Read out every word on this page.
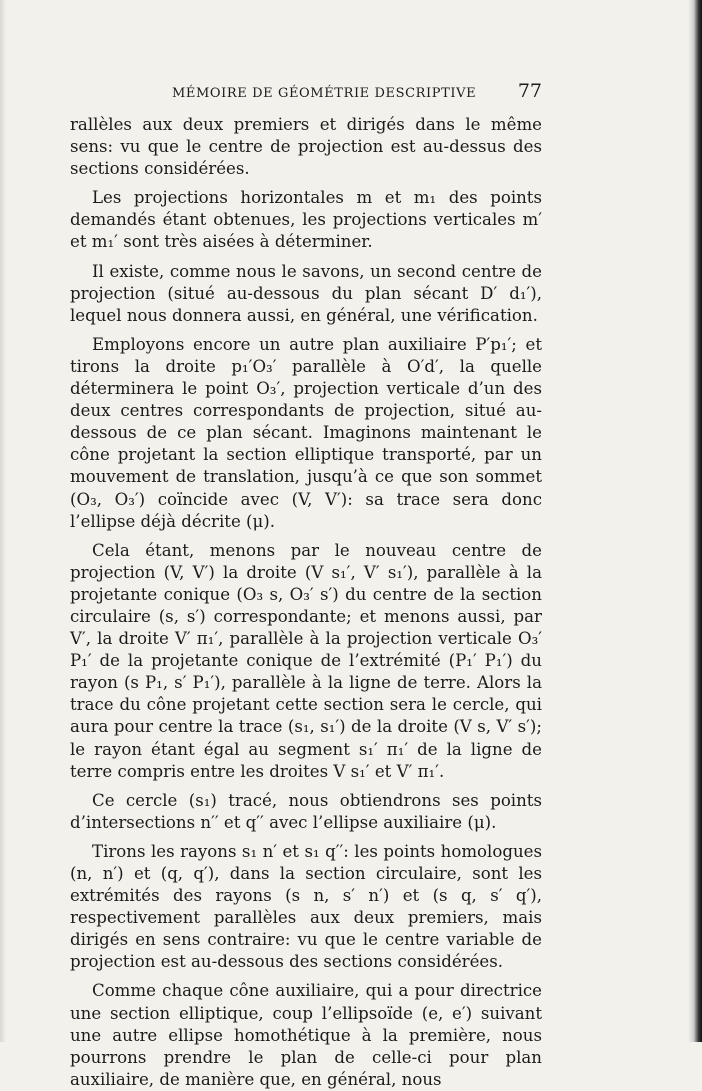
MÉMOIRE DE GÉOMÉTRIE DESCRIPTIVE 77

rallèles aux deux premiers et dirigés dans le même sens: vu que le centre de projection est au-dessus des sections considérées.

Les projections horizontales m et m₁ des points demandés étant obtenues, les projections verticales m′ et m₁′ sont très aisées à déterminer.

Il existe, comme nous le savons, un second centre de projection (situé au-dessous du plan sécant D′ d₁′), lequel nous donnera aussi, en général, une vérification.

Employons encore un autre plan auxiliaire P′p₁′; et tirons la droite p₁′O₃′ parallèle à O′d′, la quelle déterminera le point O₃′, projection verticale d’un des deux centres correspondants de projection, situé au-dessous de ce plan sécant. Imaginons maintenant le cône projetant la section elliptique transporté, par un mouvement de translation, jusqu’à ce que son sommet (O₃, O₃′) coïncide avec (V, V′): sa trace sera donc l’ellipse déjà décrite (μ).

Cela étant, menons par le nouveau centre de projection (V, V′) la droite (V s₁′, V′ s₁′), parallèle à la projetante conique (O₃ s, O₃′ s′) du centre de la section circulaire (s, s′) correspondante; et menons aussi, par V′, la droite V′ π₁′, parallèle à la projection verticale O₃′ P₁′ de la projetante conique de l’extrémité (P₁′ P₁′) du rayon (s P₁, s′ P₁′), parallèle à la ligne de terre. Alors la trace du cône projetant cette section sera le cercle, qui aura pour centre la trace (s₁, s₁′) de la droite (V s, V′ s′); le rayon étant égal au segment s₁′ π₁′ de la ligne de terre compris entre les droites V s₁′ et V′ π₁′.

Ce cercle (s₁) tracé, nous obtiendrons ses points d’intersections n′′ et q′′ avec l’ellipse auxiliaire (μ).

Tirons les rayons s₁ n′ et s₁ q′′: les points homologues (n, n′) et (q, q′), dans la section circulaire, sont les extrémités des rayons (s n, s′ n′) et (s q, s′ q′), respectivement parallèles aux deux premiers, mais dirigés en sens contraire: vu que le centre variable de projection est au-dessous des sections considérées.

Comme chaque cône auxiliaire, qui a pour directrice une section elliptique, coup l’ellipsoïde (e, e′) suivant une autre ellipse homothétique à la première, nous pourrons prendre le plan de celle-ci pour plan auxiliaire, de manière que, en général, nous
